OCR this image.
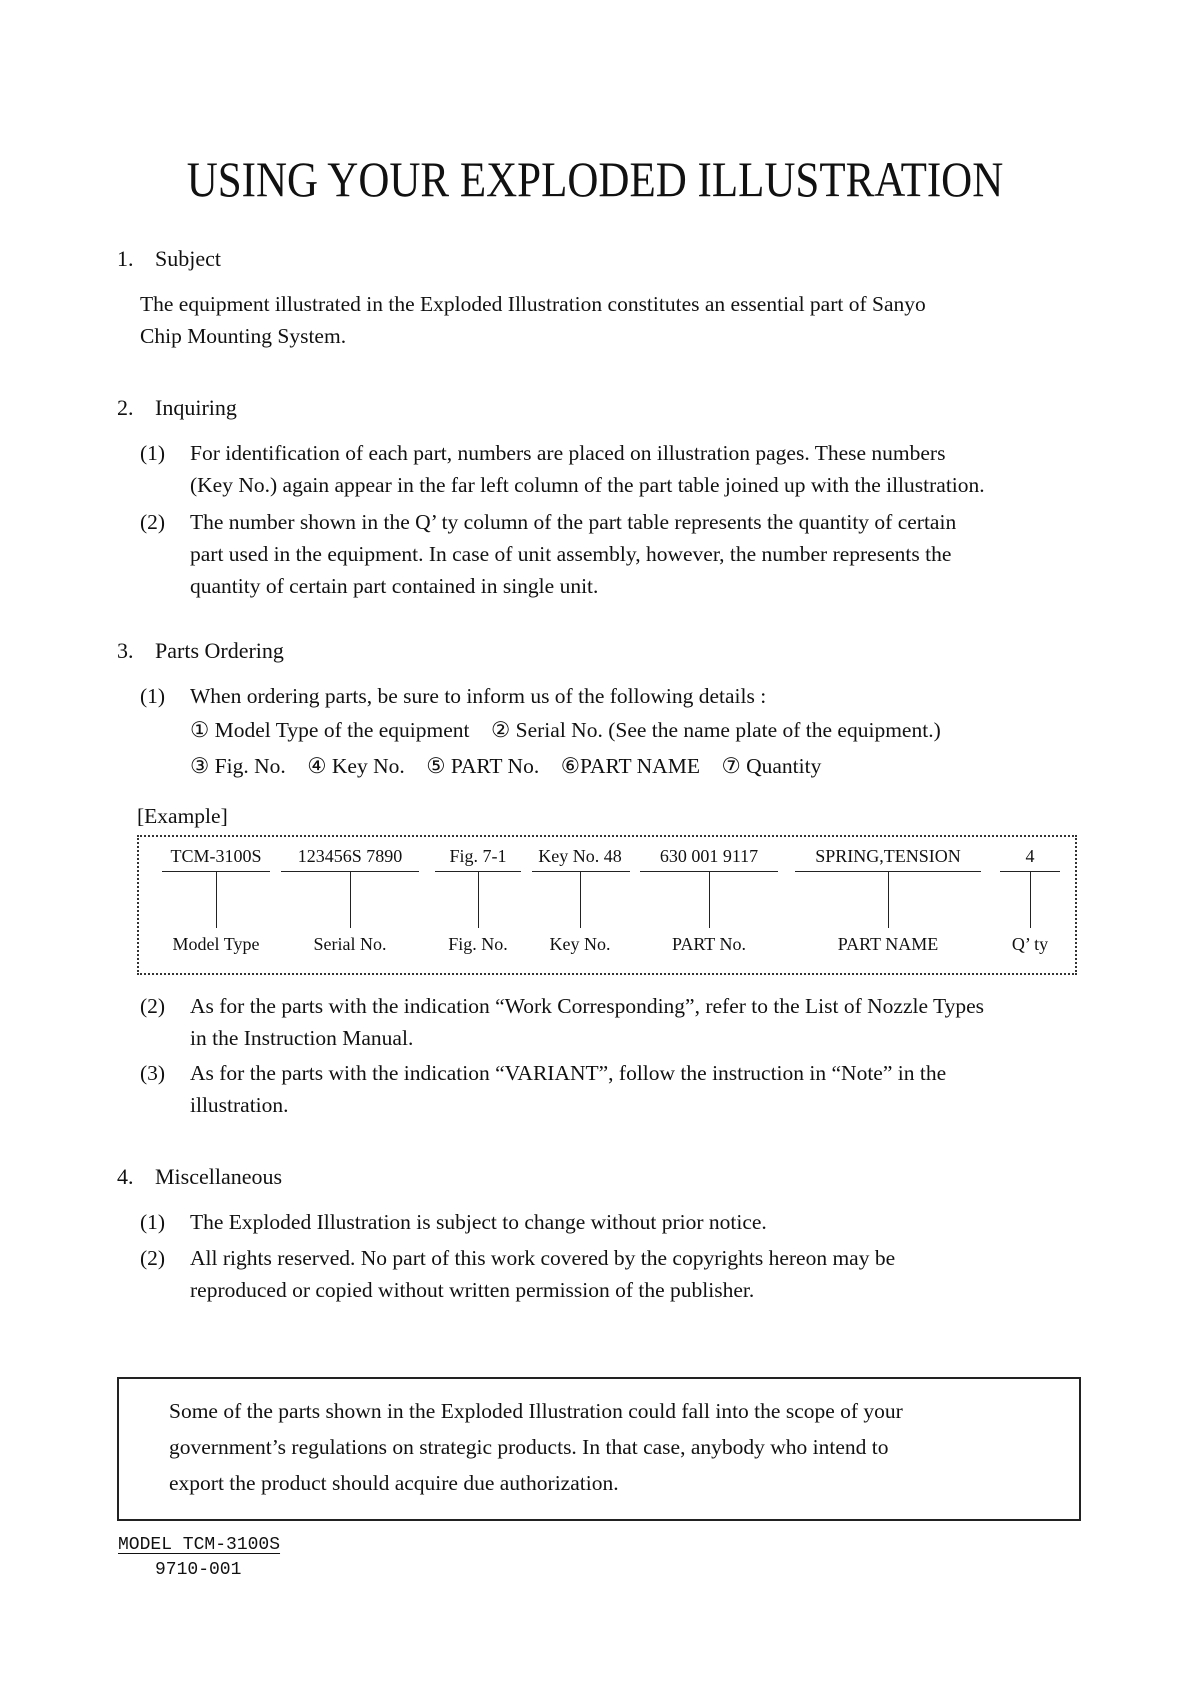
USING YOUR EXPLODED ILLUSTRATION
1. Subject
The equipment illustrated in the Exploded Illustration constitutes an essential part of Sanyo
Chip Mounting System.
2. Inquiring
(1) For identification of each part, numbers are placed on illustration pages. These numbers
(Key No.) again appear in the far left column of the part table joined up with the illustration.
(2) The number shown in the Q’ ty column of the part table represents the quantity of certain
part used in the equipment. In case of unit assembly, however, the number represents the
quantity of certain part contained in single unit.
3. Parts Ordering
(1) When ordering parts, be sure to inform us of the following details :
① Model Type of the equipment    ② Serial No. (See the name plate of the equipment.)
③ Fig. No.    ④ Key No.    ⑤ PART No.    ⑥PART NAME    ⑦ Quantity
[Example]
TCM-3100S
Model Type
123456S 7890
Serial No.
Fig. 7-1
Fig. No.
Key No. 48
Key No.
630 001 9117
PART No.
SPRING,TENSION
PART NAME
4
Q’ ty
(2) As for the parts with the indication “Work Corresponding”, refer to the List of Nozzle Types
in the Instruction Manual.
(3) As for the parts with the indication “VARIANT”, follow the instruction in “Note” in the
illustration.
4. Miscellaneous
(1) The Exploded Illustration is subject to change without prior notice.
(2) All rights reserved. No part of this work covered by the copyrights hereon may be
reproduced or copied without written permission of the publisher.
Some of the parts shown in the Exploded Illustration could fall into the scope of your
government’s regulations on strategic products. In that case, anybody who intend to
export the product should acquire due authorization.
MODEL TCM-3100S
9710-001
